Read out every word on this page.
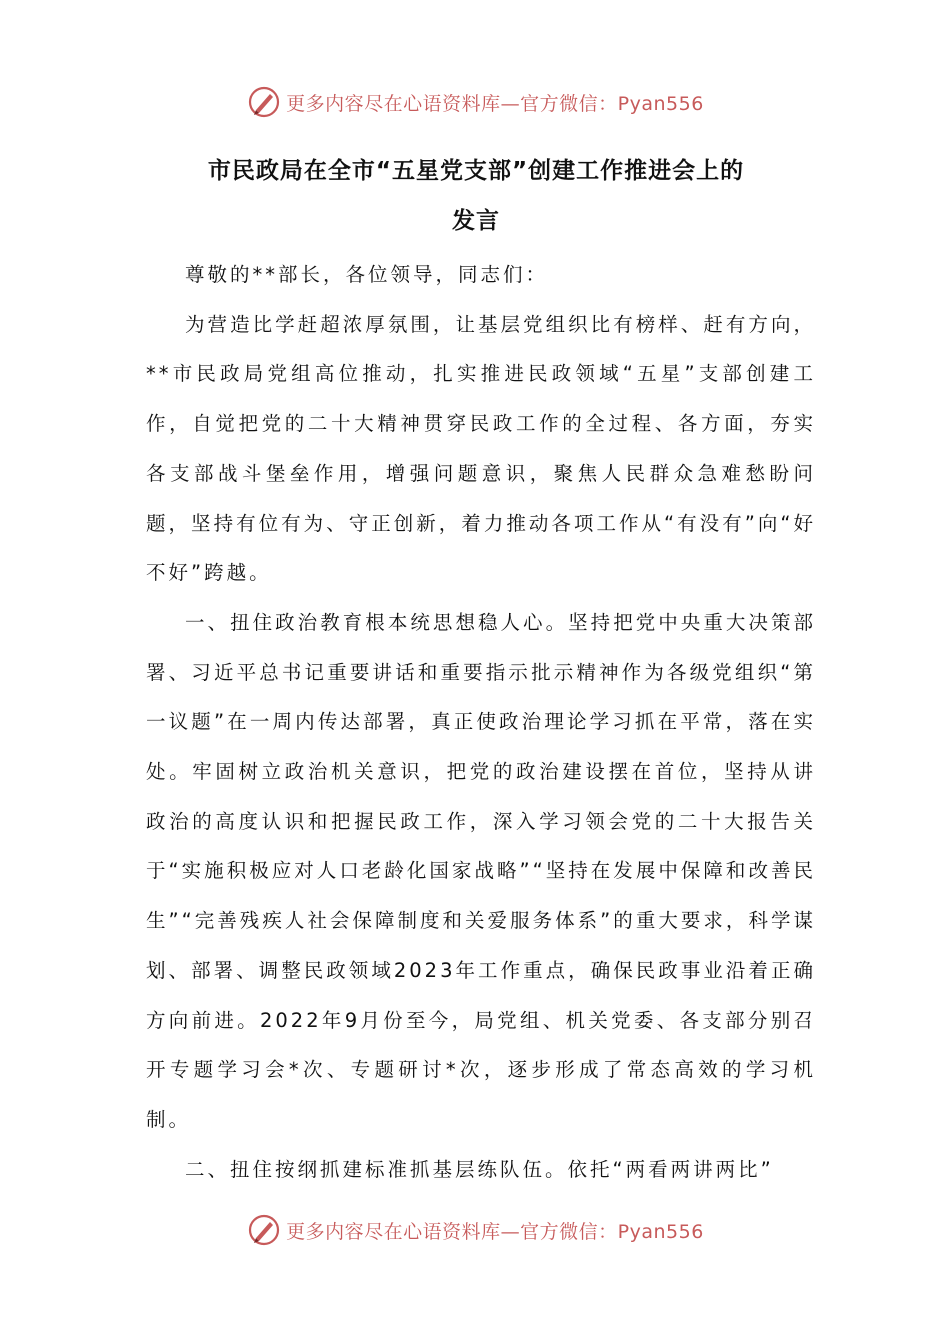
更多内容尽在心语资料库—官方微信：Pyan556
市民政局在全市“五星党支部”创建工作推进会上的
发言

尊敬的**部长，各位领导，同志们：

为营造比学赶超浓厚氛围，让基层党组织比有榜样、赶有方向，**市民政局党组高位推动，扎实推进民政领域“五星”支部创建工作，自觉把党的二十大精神贯穿民政工作的全过程、各方面，夯实各支部战斗堡垒作用，增强问题意识，聚焦人民群众急难愁盼问题，坚持有位有为、守正创新，着力推动各项工作从“有没有”向“好不好”跨越。

一、扭住政治教育根本统思想稳人心。坚持把党中央重大决策部署、习近平总书记重要讲话和重要指示批示精神作为各级党组织“第一议题”在一周内传达部署，真正使政治理论学习抓在平常，落在实处。牢固树立政治机关意识，把党的政治建设摆在首位，坚持从讲政治的高度认识和把握民政工作，深入学习领会党的二十大报告关于“实施积极应对人口老龄化国家战略”“坚持在发展中保障和改善民生”“完善残疾人社会保障制度和关爱服务体系”的重大要求，科学谋划、部署、调整民政领域2023年工作重点，确保民政事业沿着正确方向前进。2022年9月份至今，局党组、机关党委、各支部分别召开专题学习会*次、专题研讨*次，逐步形成了常态高效的学习机制。

二、扭住按纲抓建标准抓基层练队伍。依托“两看两讲两比”

更多内容尽在心语资料库—官方微信：Pyan556
